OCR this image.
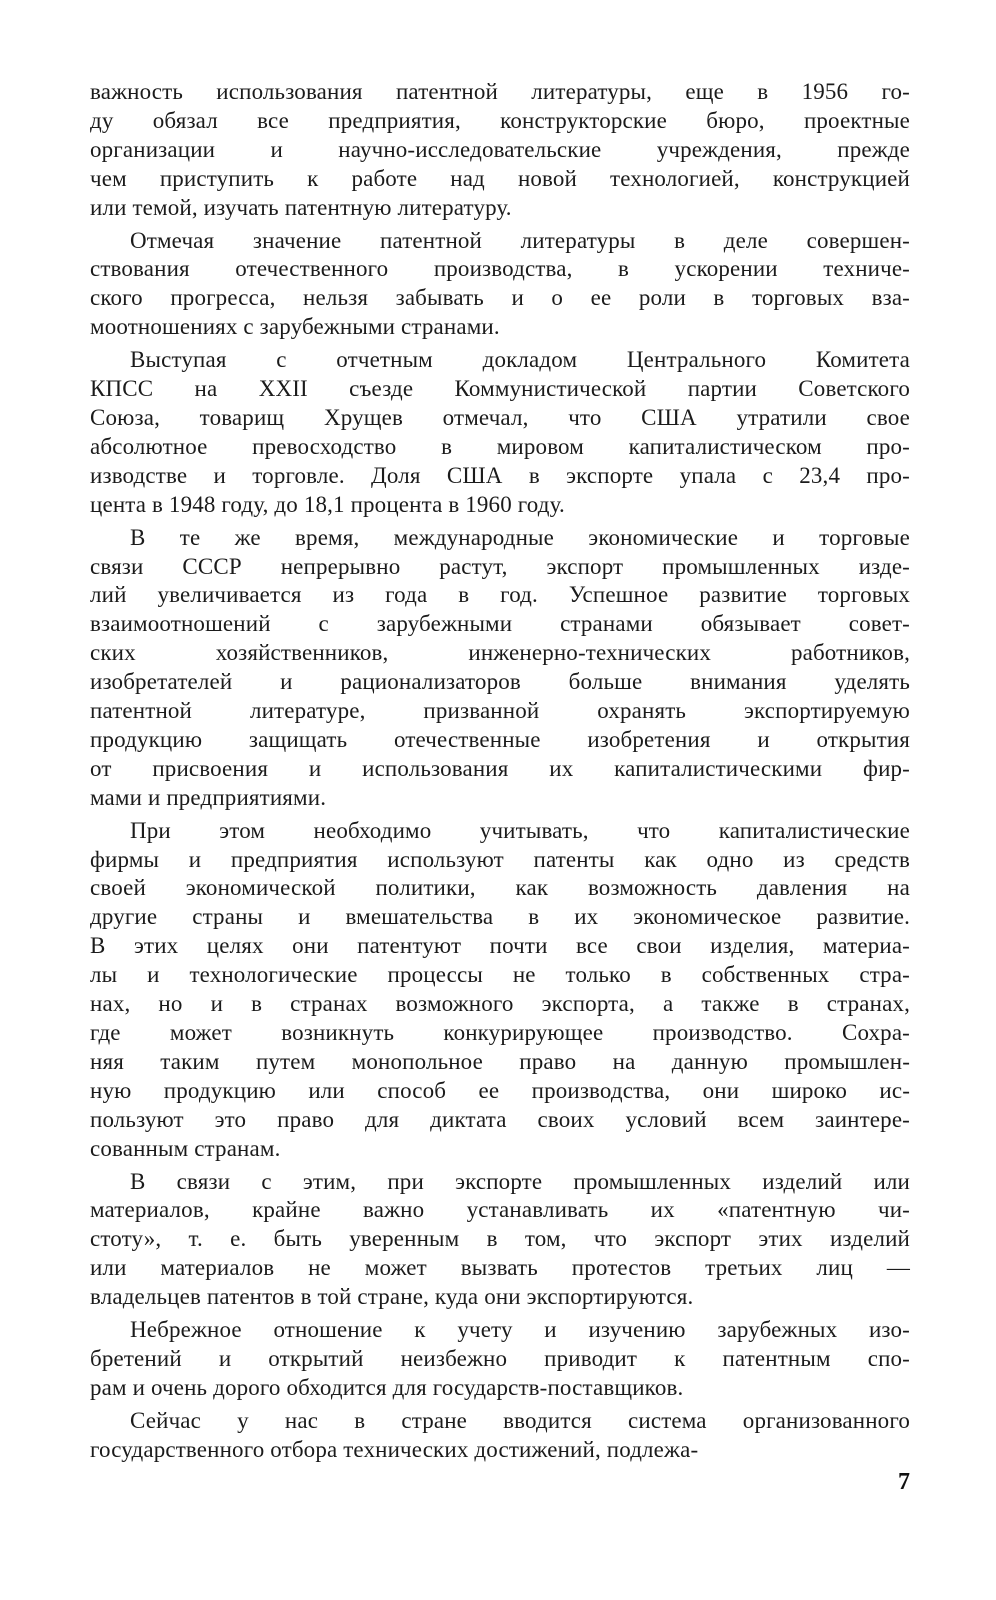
важность использования патентной литературы, еще в 1956 го-
ду обязал все предприятия, конструкторские бюро, проектные
организации и научно-исследовательские учреждения, прежде
чем приступить к работе над новой технологией, конструкцией
или темой, изучать патентную литературу.
Отмечая значение патентной литературы в деле совершен-
ствования отечественного производства, в ускорении техниче-
ского прогресса, нельзя забывать и о ее роли в торговых вза-
моотношениях с зарубежными странами.
Выступая с отчетным докладом Центрального Комитета
КПСС на XXII съезде Коммунистической партии Советского
Союза, товарищ Хрущев отмечал, что США утратили свое
абсолютное превосходство в мировом капиталистическом про-
изводстве и торговле. Доля США в экспорте упала с 23,4 про-
цента в 1948 году, до 18,1 процента в 1960 году.
В те же время, международные экономические и торговые
связи СССР непрерывно растут, экспорт промышленных изде-
лий увеличивается из года в год. Успешное развитие торговых
взаимоотношений с зарубежными странами обязывает совет-
ских хозяйственников, инженерно-технических работников,
изобретателей и рационализаторов больше внимания уделять
патентной литературе, призванной охранять экспортируемую
продукцию защищать отечественные изобретения и открытия
от присвоения и использования их капиталистическими фир-
мами и предприятиями.
При этом необходимо учитывать, что капиталистические
фирмы и предприятия используют патенты как одно из средств
своей экономической политики, как возможность давления на
другие страны и вмешательства в их экономическое развитие.
В этих целях они патентуют почти все свои изделия, материа-
лы и технологические процессы не только в собственных стра-
нах, но и в странах возможного экспорта, а также в странах,
где может возникнуть конкурирующее производство. Сохра-
няя таким путем монопольное право на данную промышлен-
ную продукцию или способ ее производства, они широко ис-
пользуют это право для диктата своих условий всем заинтере-
сованным странам.
В связи с этим, при экспорте промышленных изделий или
материалов, крайне важно устанавливать их «патентную чи-
стоту», т. е. быть уверенным в том, что экспорт этих изделий
или материалов не может вызвать протестов третьих лиц —
владельцев патентов в той стране, куда они экспортируются.
Небрежное отношение к учету и изучению зарубежных изо-
бретений и открытий неизбежно приводит к патентным спо-
рам и очень дорого обходится для государств-поставщиков.
Сейчас у нас в стране вводится система организованного
государственного отбора технических достижений, подлежа-
7
